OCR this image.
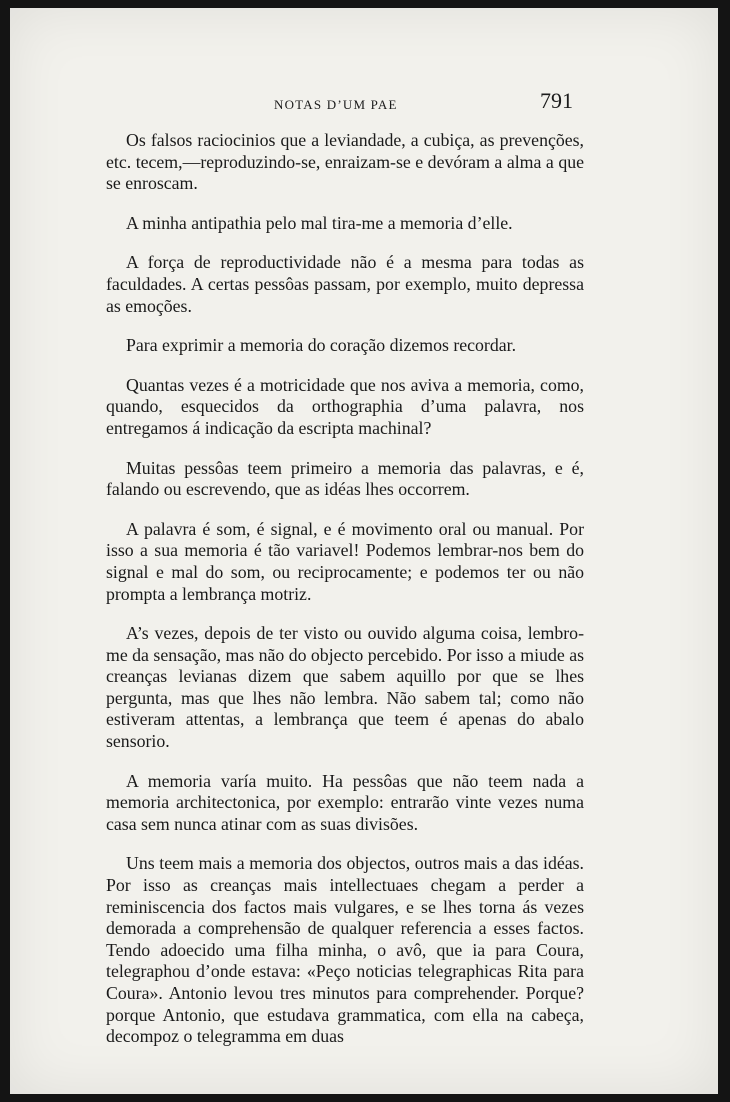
NOTAS D’UM PAE	791

Os falsos raciocinios que a leviandade, a cubiça, as prevenções, etc. tecem,—reproduzindo-se, enraizam-se e devóram a alma a que se enroscam.

A minha antipathia pelo mal tira-me a memoria d’elle.

A força de reproductividade não é a mesma para todas as faculdades. A certas pessôas passam, por exemplo, muito depressa as emoções.

Para exprimir a memoria do coração dizemos recordar.

Quantas vezes é a motricidade que nos aviva a memoria, como, quando, esquecidos da orthographia d’uma palavra, nos entregamos á indicação da escripta machinal?

Muitas pessôas teem primeiro a memoria das palavras, e é, falando ou escrevendo, que as idéas lhes occorrem.

A palavra é som, é signal, e é movimento oral ou manual. Por isso a sua memoria é tão variavel! Podemos lembrar-nos bem do signal e mal do som, ou reciprocamente; e podemos ter ou não prompta a lembrança motriz.

A’s vezes, depois de ter visto ou ouvido alguma coisa, lembro-me da sensação, mas não do objecto percebido. Por isso a miude as creanças levianas dizem que sabem aquillo por que se lhes pergunta, mas que lhes não lembra. Não sabem tal; como não estiveram attentas, a lembrança que teem é apenas do abalo sensorio.

A memoria varía muito. Ha pessôas que não teem nada a memoria architectonica, por exemplo: entrarão vinte vezes numa casa sem nunca atinar com as suas divisões.

Uns teem mais a memoria dos objectos, outros mais a das idéas. Por isso as creanças mais intellectuaes chegam a perder a reminiscencia dos factos mais vulgares, e se lhes torna ás vezes demorada a comprehensão de qualquer referencia a esses factos. Tendo adoecido uma filha minha, o avô, que ia para Coura, telegraphou d’onde estava: «Peço noticias telegraphicas Rita para Coura». Antonio levou tres minutos para comprehender. Porque? porque Antonio, que estudava grammatica, com ella na cabeça, decompoz o telegramma em duas
